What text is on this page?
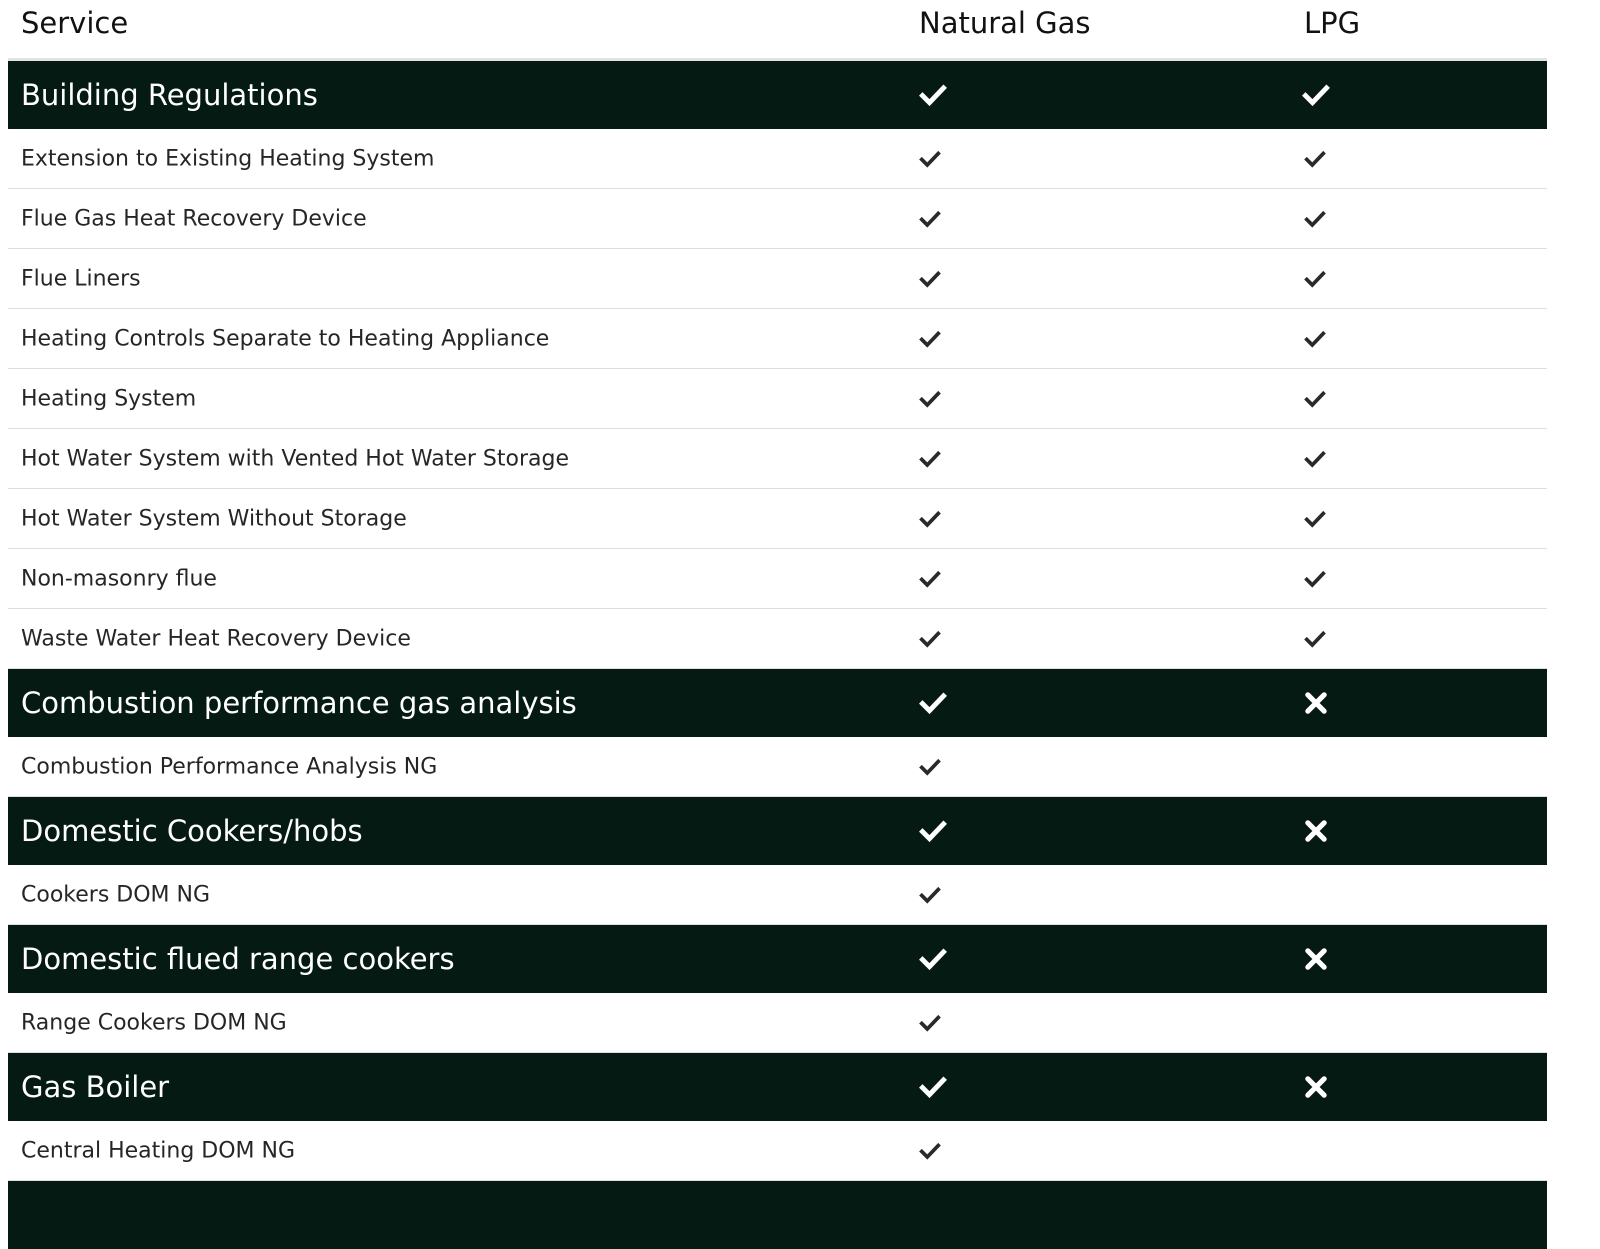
Service	Natural Gas	LPG
Building Regulations
Extension to Existing Heating System
Flue Gas Heat Recovery Device
Flue Liners
Heating Controls Separate to Heating Appliance
Heating System
Hot Water System with Vented Hot Water Storage
Hot Water System Without Storage
Non-masonry flue
Waste Water Heat Recovery Device
Combustion performance gas analysis
Combustion Performance Analysis NG
Domestic Cookers/hobs
Cookers DOM NG
Domestic flued range cookers
Range Cookers DOM NG
Gas Boiler
Central Heating DOM NG
